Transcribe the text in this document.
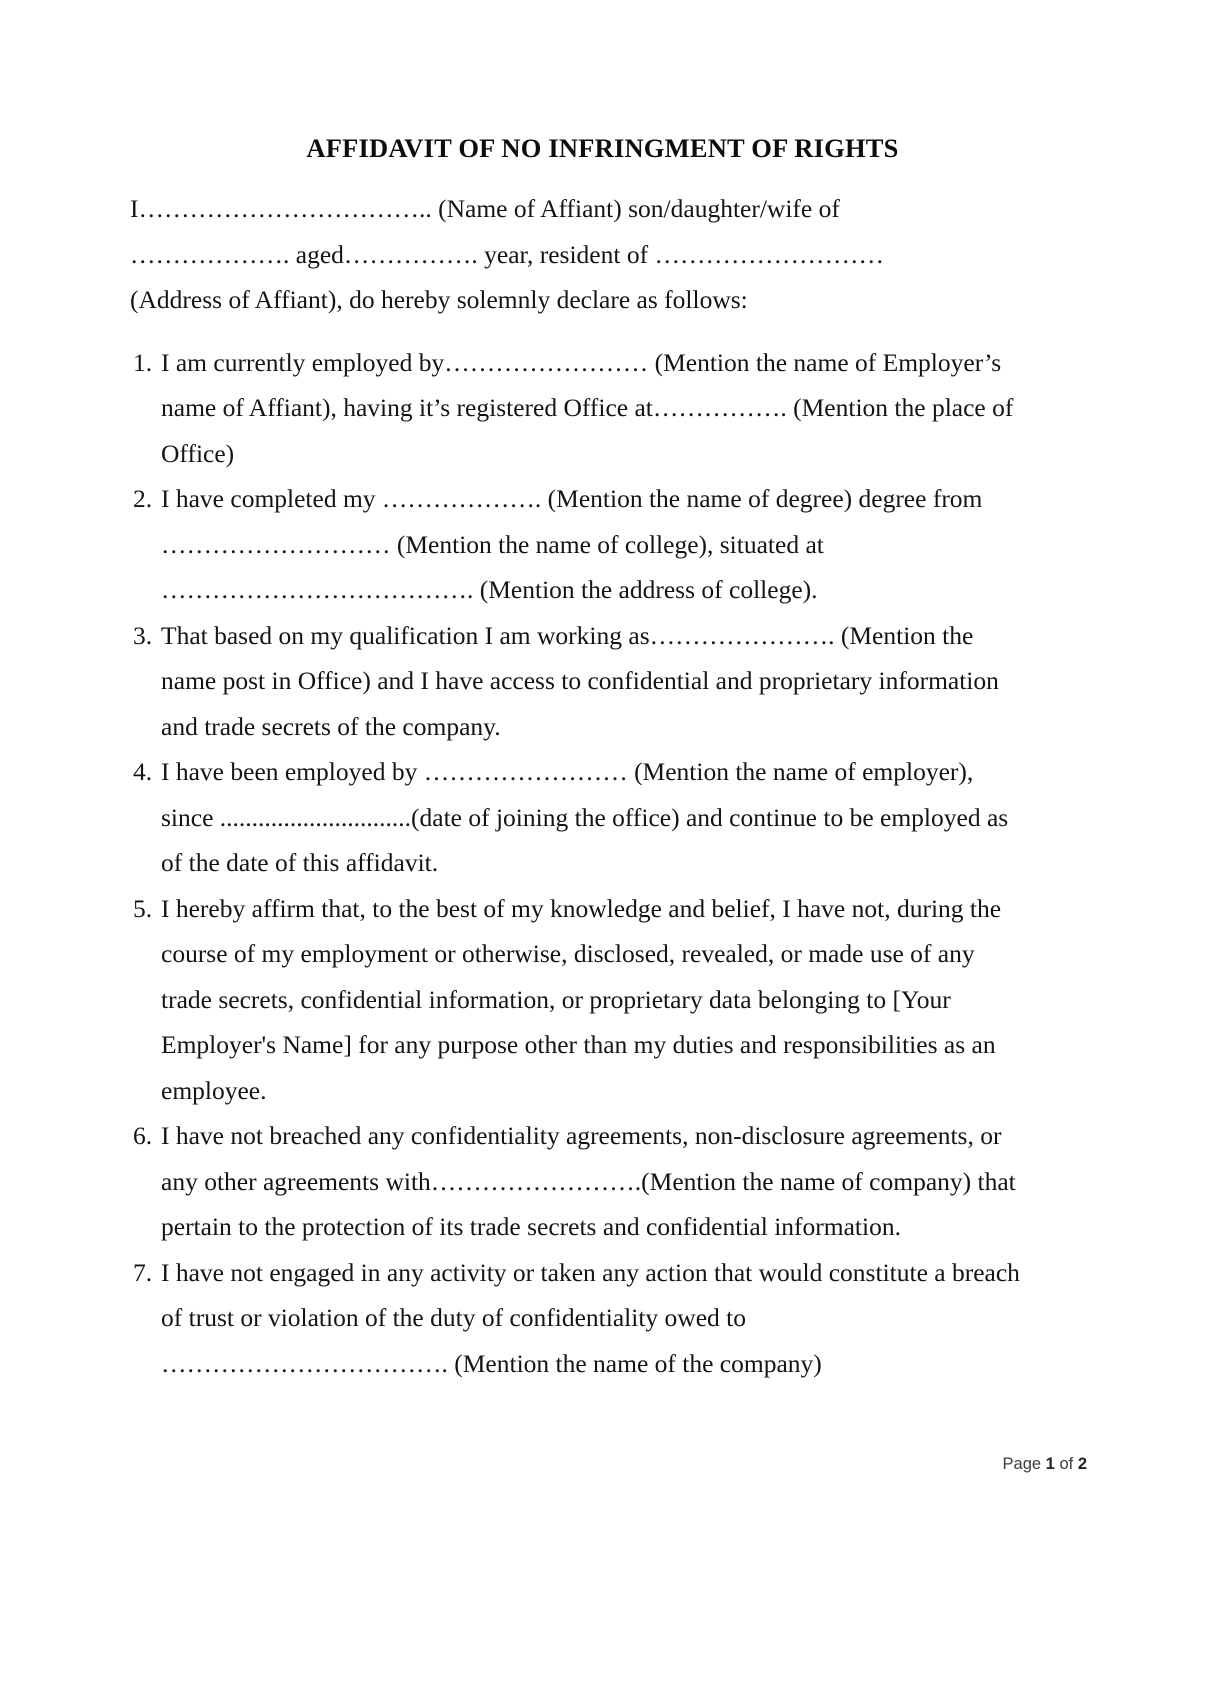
AFFIDAVIT OF NO INFRINGMENT OF RIGHTS

I…………………………….. (Name of Affiant) son/daughter/wife of

………………. aged……………. year, resident of ………………………

(Address of Affiant), do hereby solemnly declare as follows:

1. I am currently employed by…………………… (Mention the name of Employer’s name of Affiant), having it’s registered Office at……………. (Mention the place of Office)
2. I have completed my ………………. (Mention the name of degree) degree from ……………………… (Mention the name of college), situated at ………………………………. (Mention the address of college).
3. That based on my qualification I am working as…………………. (Mention the name post in Office) and I have access to confidential and proprietary information and trade secrets of the company.
4. I have been employed by …………………… (Mention the name of employer), since ..............................(date of joining the office) and continue to be employed as of the date of this affidavit.
5. I hereby affirm that, to the best of my knowledge and belief, I have not, during the course of my employment or otherwise, disclosed, revealed, or made use of any trade secrets, confidential information, or proprietary data belonging to [Your Employer's Name] for any purpose other than my duties and responsibilities as an employee.
6. I have not breached any confidentiality agreements, non-disclosure agreements, or any other agreements with…………………….(Mention the name of company) that pertain to the protection of its trade secrets and confidential information.
7. I have not engaged in any activity or taken any action that would constitute a breach of trust or violation of the duty of confidentiality owed to ……………………………. (Mention the name of the company)
Page 1 of 2
